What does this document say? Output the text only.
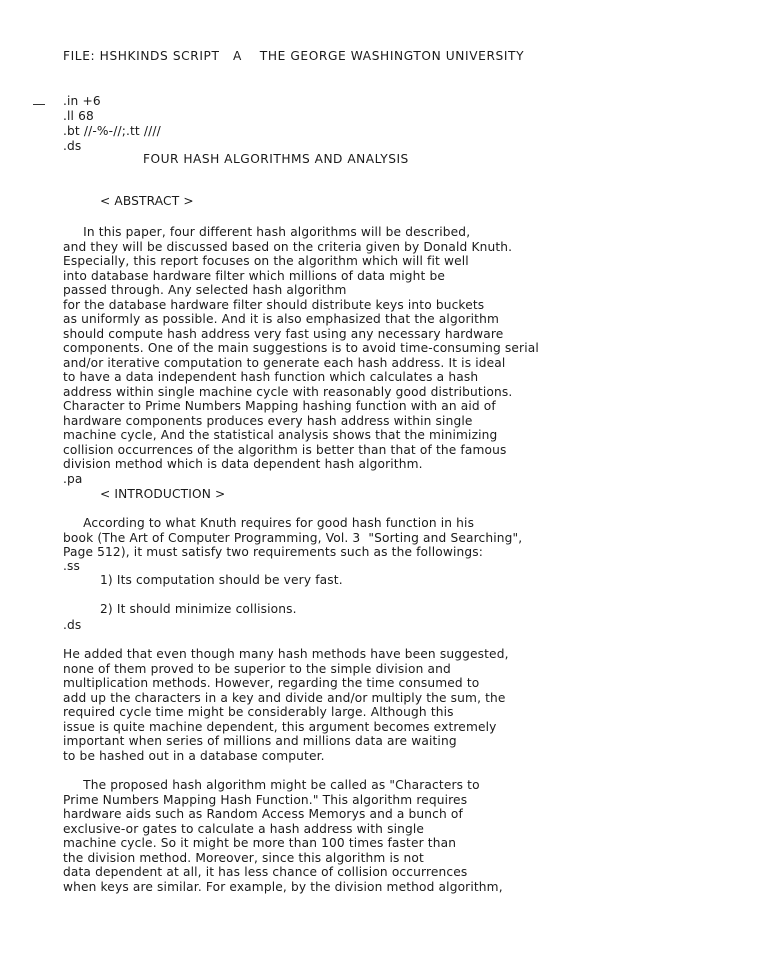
FILE: HSHKINDS SCRIPT   A    THE GEORGE WASHINGTON UNIVERSITY
.in +6
.ll 68
.bt //-%-//;.tt ////
.ds
FOUR HASH ALGORITHMS AND ANALYSIS
< ABSTRACT >
In this paper, four different hash algorithms will be described,
and they will be discussed based on the criteria given by Donald Knuth.
Especially, this report focuses on the algorithm which will fit well
into database hardware filter which millions of data might be
passed through. Any selected hash algorithm
for the database hardware filter should distribute keys into buckets
as uniformly as possible. And it is also emphasized that the algorithm
should compute hash address very fast using any necessary hardware
components. One of the main suggestions is to avoid time-consuming serial
and/or iterative computation to generate each hash address. It is ideal
to have a data independent hash function which calculates a hash
address within single machine cycle with reasonably good distributions.
Character to Prime Numbers Mapping hashing function with an aid of
hardware components produces every hash address within single
machine cycle, And the statistical analysis shows that the minimizing
collision occurrences of the algorithm is better than that of the famous
division method which is data dependent hash algorithm.
.pa
< INTRODUCTION >
According to what Knuth requires for good hash function in his
book (The Art of Computer Programming, Vol. 3  "Sorting and Searching",
Page 512), it must satisfy two requirements such as the followings:
.ss
1) Its computation should be very fast.
2) It should minimize collisions.
.ds
He added that even though many hash methods have been suggested,
none of them proved to be superior to the simple division and
multiplication methods. However, regarding the time consumed to
add up the characters in a key and divide and/or multiply the sum, the
required cycle time might be considerably large. Although this
issue is quite machine dependent, this argument becomes extremely
important when series of millions and millions data are waiting
to be hashed out in a database computer.
The proposed hash algorithm might be called as "Characters to
Prime Numbers Mapping Hash Function." This algorithm requires
hardware aids such as Random Access Memorys and a bunch of
exclusive-or gates to calculate a hash address with single
machine cycle. So it might be more than 100 times faster than
the division method. Moreover, since this algorithm is not
data dependent at all, it has less chance of collision occurrences
when keys are similar. For example, by the division method algorithm,
